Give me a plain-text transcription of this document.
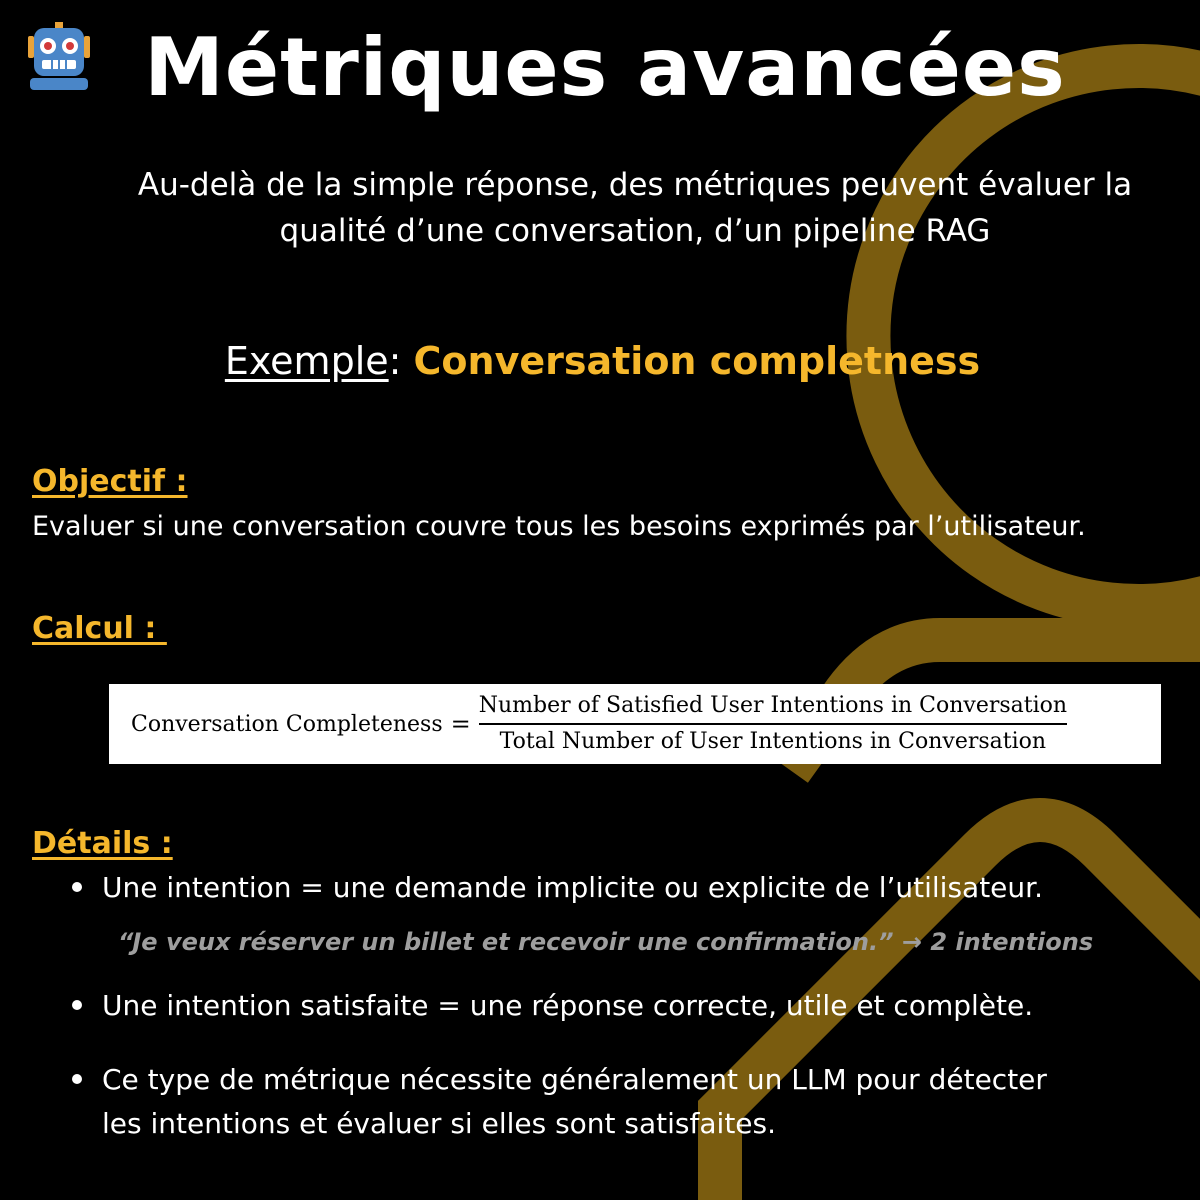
Métriques avancées
Au-delà de la simple réponse, des métriques peuvent évaluer la
qualité d’une conversation, d’un pipeline RAG
Exemple: Conversation completness
Objectif :
Evaluer si une conversation couvre tous les besoins exprimés par l’utilisateur.
Calcul :
Conversation Completeness = $\frac{\text{Number of Satisfied User Intentions in Conversation}}{\text{Total Number of User Intentions in Conversation}}$
Détails :
Une intention = une demande implicite ou explicite de l’utilisateur.
Une intention satisfaite = une réponse correcte, utile et complète.
Ce type de métrique nécessite généralement un LLM pour détecter
les intentions et évaluer si elles sont satisfaites.
“Je veux réserver un billet et recevoir une confirmation.” → 2 intentions
